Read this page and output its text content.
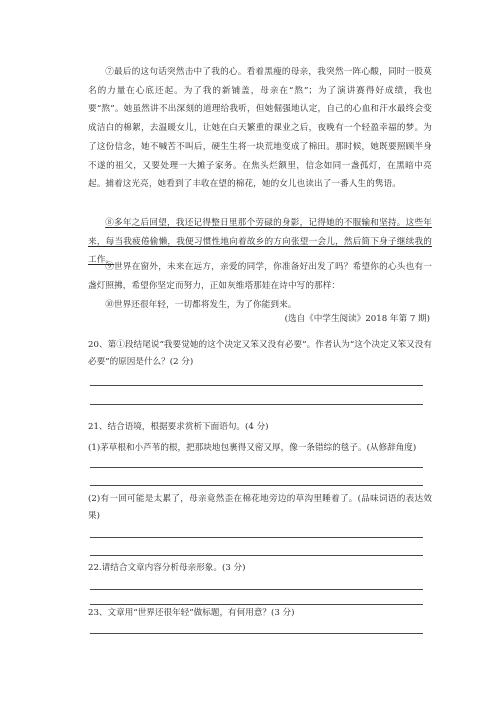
⑦最后的这句话突然击中了我的心。看着黑瘦的母亲，我突然一阵心酸，同时一股莫名的力量在心底还起。为了我的新铺盖，母亲在“熬”；为了演讲赛得好成绩，我也要“熬”。她虽然讲不出深刻的道理给我听，但她倔强地认定，自己的心血和汗水最终会变成洁白的棉絮，去温暖女儿，让她在白天繁重的课业之后，夜晚有一个轻盈幸福的梦。为了这份信念，她不喊苦不叫后，硬生生将一块荒地变成了棉田。那时候，她既要照顾半身不遂的祖父，又要处理一大摊子家务。在焦头烂额里，信念如同一盏孤灯，在黑暗中亮起。捕着这光亮，她看到了丰收在望的棉花，她的女儿也读出了一番人生的隽语。

⑧多年之后回望，我还记得整日里那个劳碌的身影，记得她的不服输和坚持。这些年来，每当我疲倦偷懒，我便习惯性地向着故乡的方向张望一会儿，然后简下身子继续我的工作。

⑨世界在窗外，未来在远方，亲爱的同学，你准备好出发了吗？希望你的心头也有一盏灯照拂，希望你坚定而努力，正如灰维塔那娃在诗中写的那样：

⑩世界还很年轻，一切都将发生，为了你能到来。

(选自《中学生阅读》2018 年第 7 期)

20、第①段结尾说“我要觉她的这个决定又笨又没有必要”。作者认为“这个决定又笨又没有必要”的原因是什么？(2 分)

21、结合语境，根据要求赏析下面语句。(4 分)

(1)茅草根和小芦苇的根，把那块地包裹得又密又厚，像一条错综的毯子。(从修辞角度)

(2)有一回可能是太累了，母亲竟然歪在棉花地旁边的草沟里睡着了。(品味词语的表达效果)

22.请结合文章内容分析母亲形象。(3 分)

23、文章用“世界还很年轻”做标题，有何用意？(3 分)
